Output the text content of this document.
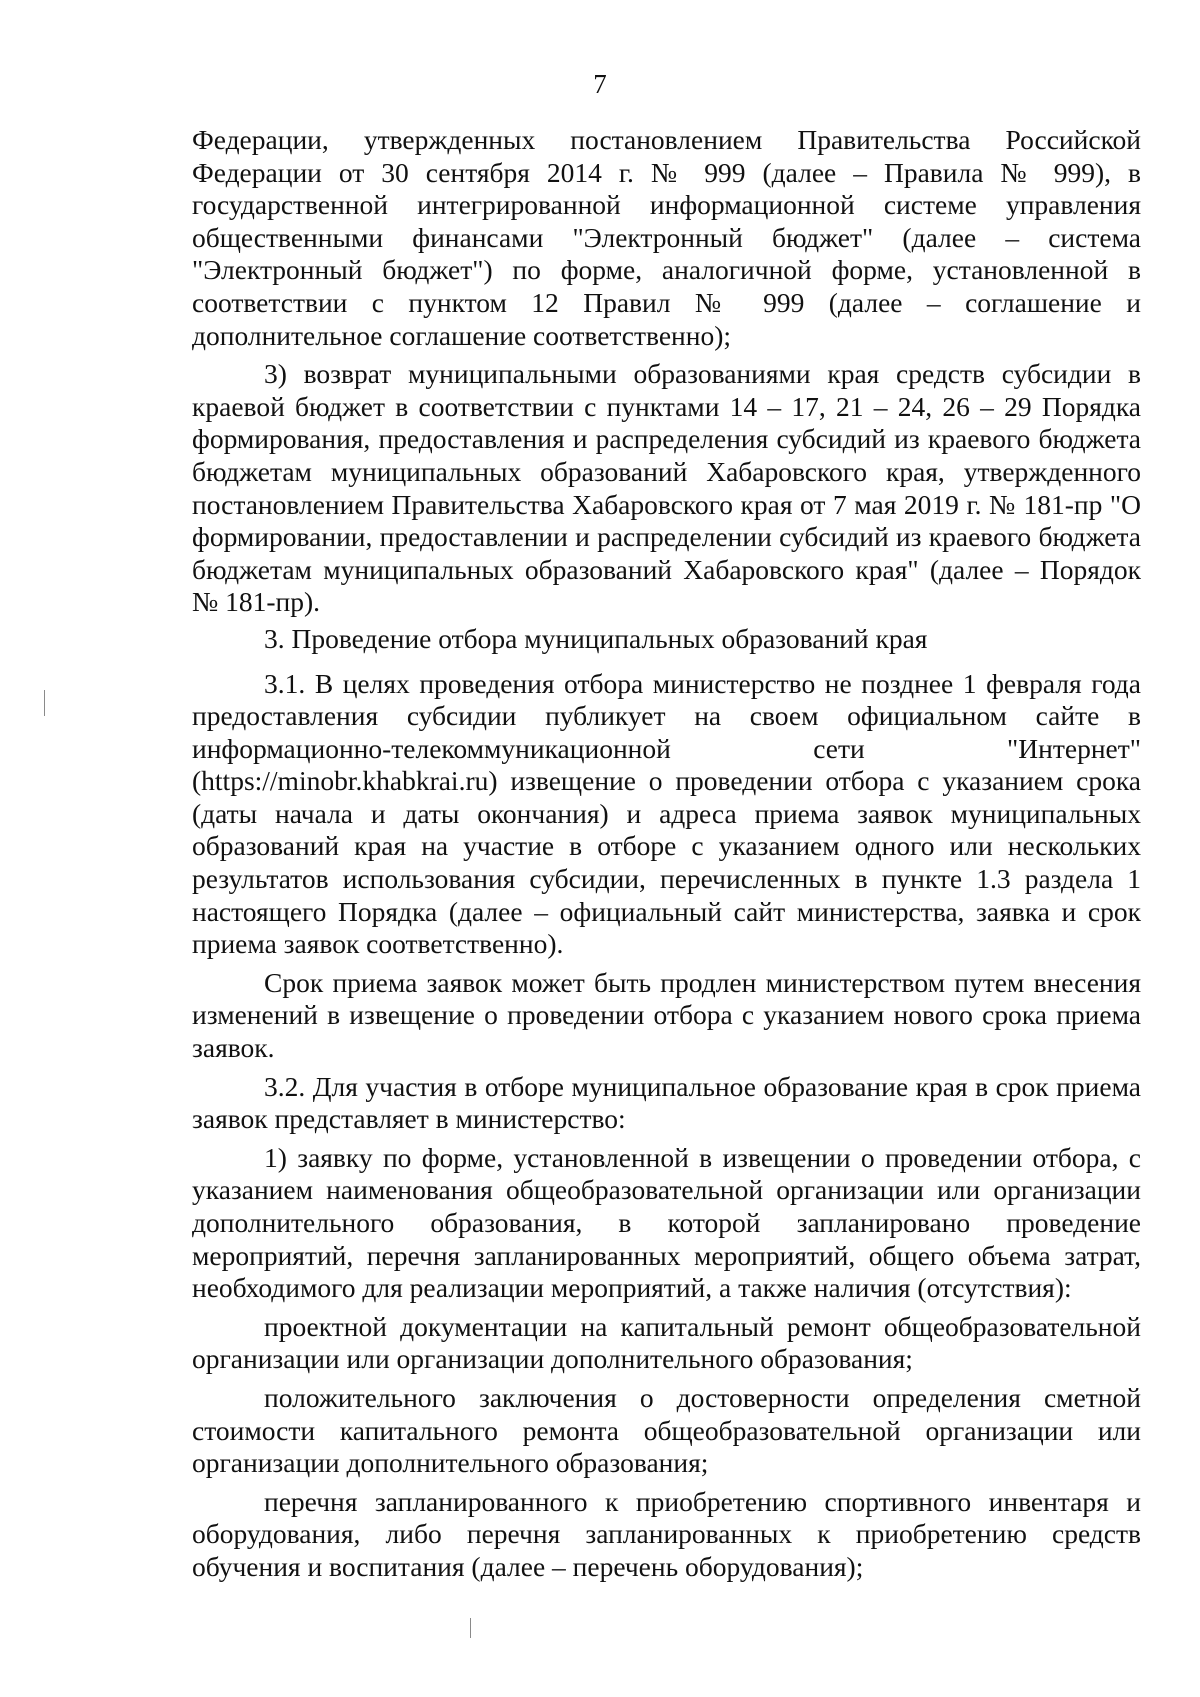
7

Федерации, утвержденных постановлением Правительства Российской Федерации от 30 сентября 2014 г. № 999 (далее – Правила № 999), в государственной интегрированной информационной системе управления общественными финансами "Электронный бюджет" (далее – система "Электронный бюджет") по форме, аналогичной форме, установленной в соответствии с пунктом 12 Правил № 999 (далее – соглашение и дополнительное соглашение соответственно);

3) возврат муниципальными образованиями края средств субсидии в краевой бюджет в соответствии с пунктами 14 – 17, 21 – 24, 26 – 29 Порядка формирования, предоставления и распределения субсидий из краевого бюджета бюджетам муниципальных образований Хабаровского края, утвержденного постановлением Правительства Хабаровского края от 7 мая 2019 г. № 181-пр "О формировании, предоставлении и распределении субсидий из краевого бюджета бюджетам муниципальных образований Хабаровского края" (далее – Порядок № 181-пр).

3. Проведение отбора муниципальных образований края

3.1. В целях проведения отбора министерство не позднее 1 февраля года предоставления субсидии публикует на своем официальном сайте в информационно-телекоммуникационной сети "Интернет" (https://minobr.khabkrai.ru) извещение о проведении отбора с указанием срока (даты начала и даты окончания) и адреса приема заявок муниципальных образований края на участие в отборе с указанием одного или нескольких результатов использования субсидии, перечисленных в пункте 1.3 раздела 1 настоящего Порядка (далее – официальный сайт министерства, заявка и срок приема заявок соответственно).

Срок приема заявок может быть продлен министерством путем внесения изменений в извещение о проведении отбора с указанием нового срока приема заявок.

3.2. Для участия в отборе муниципальное образование края в срок приема заявок представляет в министерство:

1) заявку по форме, установленной в извещении о проведении отбора, с указанием наименования общеобразовательной организации или организации дополнительного образования, в которой запланировано проведение мероприятий, перечня запланированных мероприятий, общего объема затрат, необходимого для реализации мероприятий, а также наличия (отсутствия):

проектной документации на капитальный ремонт общеобразовательной организации или организации дополнительного образования;

положительного заключения о достоверности определения сметной стоимости капитального ремонта общеобразовательной организации или организации дополнительного образования;

перечня запланированного к приобретению спортивного инвентаря и оборудования, либо перечня запланированных к приобретению средств обучения и воспитания (далее – перечень оборудования);
